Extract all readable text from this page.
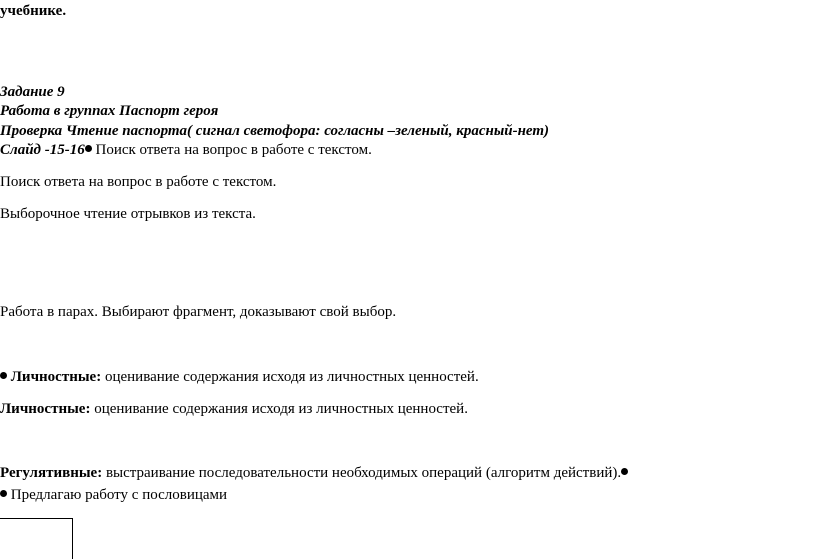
учебнике.
Задание 9
Работа в группах Паспорт героя
Проверка Чтение паспорта( сигнал светофора: согласны –зеленый, красный-нет)
Слайд -15-16 Поиск ответа на вопрос в работе с текстом.
Поиск ответа на вопрос в работе с текстом.
Выборочное чтение отрывков из текста.
Работа в парах. Выбирают фрагмент, доказывают свой выбор.
Личностные: оценивание содержания исходя из личностных ценностей.
Личностные: оценивание содержания исходя из личностных ценностей.
Регулятивные: выстраивание последовательности необходимых операций (алгоритм действий).
Предлагаю работу с пословицами
